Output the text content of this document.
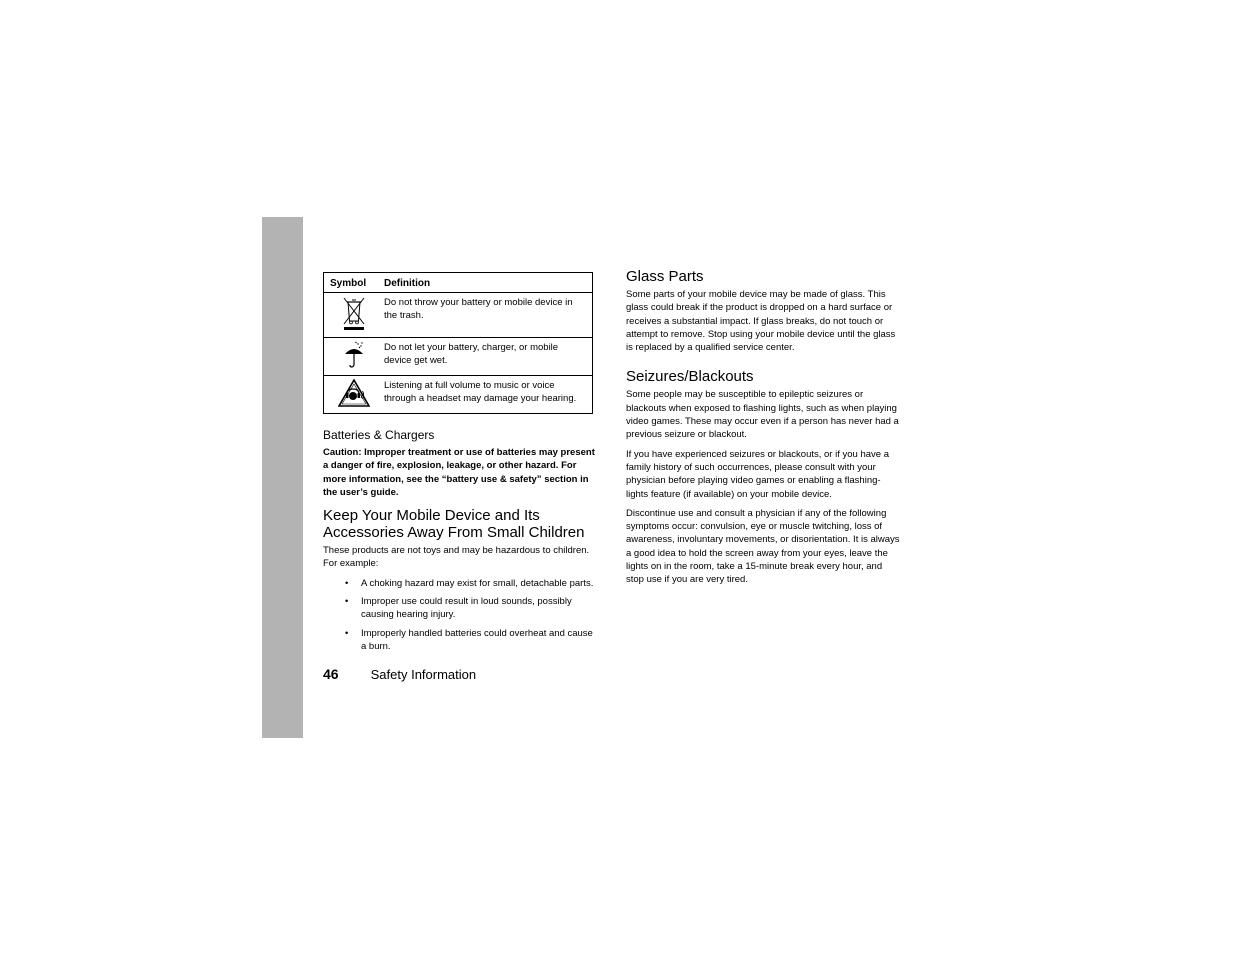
Symbol	Definition
	Do not throw your battery or mobile device in the trash.
	Do not let your battery, charger, or mobile device get wet.
	Listening at full volume to music or voice through a headset may damage your hearing.
Batteries & Chargers

Caution: Improper treatment or use of batteries may present a danger of fire, explosion, leakage, or other hazard. For more information, see the “battery use & safety” section in the user’s guide.

Keep Your Mobile Device and Its Accessories Away From Small Children

These products are not toys and may be hazardous to children. For example:

• A choking hazard may exist for small, detachable parts.
• Improper use could result in loud sounds, possibly causing hearing injury.
• Improperly handled batteries could overheat and cause a burn.
Glass Parts

Some parts of your mobile device may be made of glass. This glass could break if the product is dropped on a hard surface or receives a substantial impact. If glass breaks, do not touch or attempt to remove. Stop using your mobile device until the glass is replaced by a qualified service center.

Seizures/Blackouts

Some people may be susceptible to epileptic seizures or blackouts when exposed to flashing lights, such as when playing video games. These may occur even if a person has never had a previous seizure or blackout.

If you have experienced seizures or blackouts, or if you have a family history of such occurrences, please consult with your physician before playing video games or enabling a flashing-lights feature (if available) on your mobile device.

Discontinue use and consult a physician if any of the following symptoms occur: convulsion, eye or muscle twitching, loss of awareness, involuntary movements, or disorientation. It is always a good idea to hold the screen away from your eyes, leave the lights on in the room, take a 15-minute break every hour, and stop use if you are very tired.

46 Safety Information
